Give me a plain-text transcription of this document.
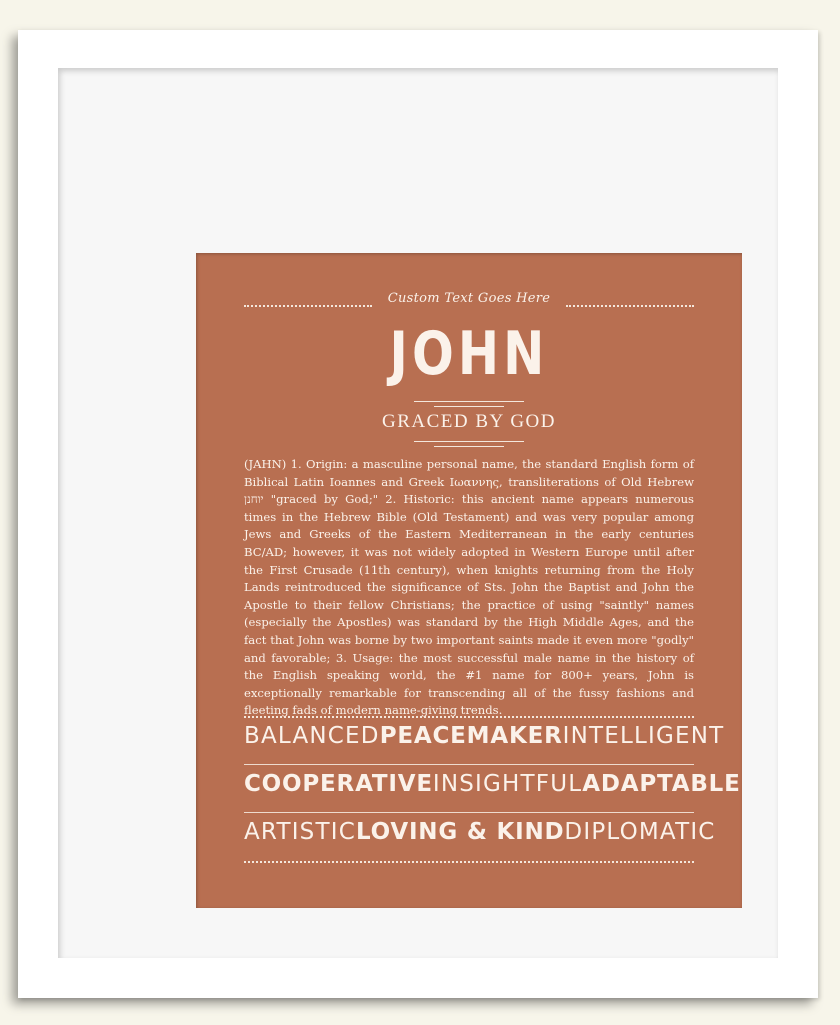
Custom Text Goes Here
JOHN
GRACED BY GOD
(JAHN) 1. Origin: a masculine personal name, the standard English form of Biblical Latin Ioannes and Greek Ιωαννης, transliterations of Old Hebrew יוחנן "graced by God;" 2. Historic: this ancient name appears numerous times in the Hebrew Bible (Old Testament) and was very popular among Jews and Greeks of the Eastern Mediterranean in the early centuries BC/AD; however, it was not widely adopted in Western Europe until after the First Crusade (11th century), when knights returning from the Holy Lands reintroduced the significance of Sts. John the Baptist and John the Apostle to their fellow Christians; the practice of using "saintly" names (especially the Apostles) was standard by the High Middle Ages, and the fact that John was borne by two important saints made it even more "godly" and favorable; 3. Usage: the most successful male name in the history of the English speaking world, the #1 name for 800+ years, John is exceptionally remarkable for transcending all of the fussy fashions and fleeting fads of modern name-giving trends.
BALANCED PEACEMAKER INTELLIGENT
COOPERATIVE INSIGHTFUL ADAPTABLE
ARTISTIC LOVING & KIND DIPLOMATIC
